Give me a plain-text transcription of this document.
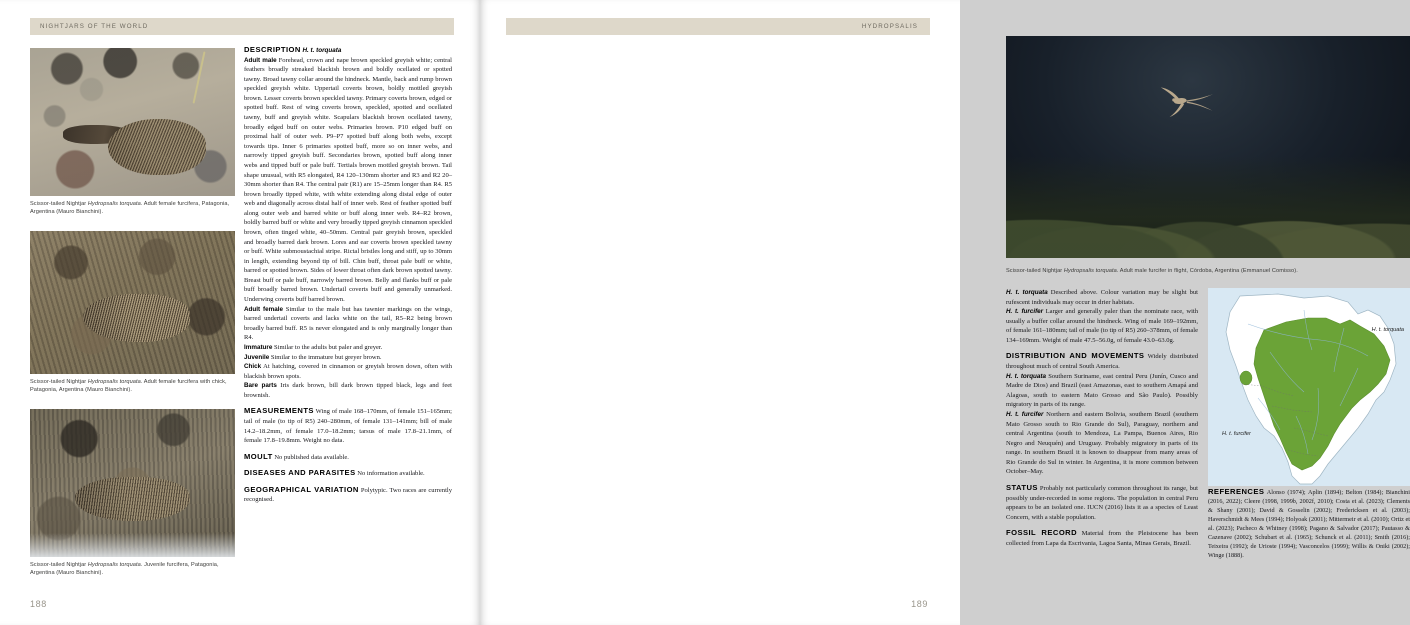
NIGHTJARS OF THE WORLD
Scissor-tailed Nightjar Hydropsalis torquata. Adult female furcifera, Patagonia, Argentina (Mauro Bianchini).
Scissor-tailed Nightjar Hydropsalis torquata. Adult female furcifera with chick, Patagonia, Argentina (Mauro Bianchini).
Scissor-tailed Nightjar Hydropsalis torquata. Juvenile furcifera, Patagonia, Argentina (Mauro Bianchini).

DESCRIPTION H. t. torquata

Adult male Forehead, crown and nape brown speckled greyish white; central feathers broadly streaked blackish brown and boldly ocellated or spotted tawny. Broad tawny collar around the hindneck. Mantle, back and rump brown speckled greyish white. Uppertail coverts brown, boldly mottled greyish brown. Lesser coverts brown speckled tawny. Primary coverts brown, edged or spotted buff. Rest of wing coverts brown, speckled, spotted and ocellated tawny, buff and greyish white. Scapulars blackish brown ocellated tawny, broadly edged buff on outer webs. Primaries brown. P10 edged buff on proximal half of outer web. P9–P7 spotted buff along both webs, except towards tips. Inner 6 primaries spotted buff, more so on inner webs, and narrowly tipped greyish buff. Secondaries brown, spotted buff along inner webs and tipped buff or pale buff. Tertials brown mottled greyish brown. Tail shape unusual, with R5 elongated, R4 120–130mm shorter and R3 and R2 20–30mm shorter than R4. The central pair (R1) are 15–25mm longer than R4. R5 brown broadly tipped white, with white extending along distal edge of outer web and diagonally across distal half of inner web. Rest of feather spotted buff along outer web and barred white or buff along inner web. R4–R2 brown, boldly barred buff or white and very broadly tipped greyish cinnamon speckled brown, often tinged white, 40–50mm. Central pair greyish brown, speckled and broadly barred dark brown. Lores and ear coverts brown speckled tawny or buff. White submoustachial stripe. Rictal bristles long and stiff, up to 30mm in length, extending beyond tip of bill. Chin buff, throat pale buff or white, barred or spotted brown. Sides of lower throat often dark brown spotted tawny. Breast buff or pale buff, narrowly barred brown. Belly and flanks buff or pale buff broadly barred brown. Undertail coverts buff and generally unmarked. Underwing coverts buff barred brown.

Adult female Similar to the male but has tawnier markings on the wings, barred undertail coverts and lacks white on the tail, R5–R2 being brown broadly barred buff. R5 is never elongated and is only marginally longer than R4.

Immature Similar to the adults but paler and greyer.

Juvenile Similar to the immature but greyer brown.

Chick At hatching, covered in cinnamon or greyish brown down, often with blackish brown spots.

Bare parts Iris dark brown, bill dark brown tipped black, legs and feet brownish.

MEASUREMENTS Wing of male 168–170mm, of female 151–165mm; tail of male (to tip of R5) 240–280mm, of female 131–141mm; bill of male 14.2–18.2mm, of female 17.0–18.2mm; tarsus of male 17.8–21.1mm, of female 17.8–19.8mm. Weight no data.

MOULT No published data available.

DISEASES AND PARASITES No information available.

GEOGRAPHICAL VARIATION Polytypic. Two races are currently recognised.

188
HYDROPSALIS
Scissor-tailed Nightjar Hydropsalis torquata. Adult male furcifer in flight, Córdoba, Argentina (Emmanuel Comisso).

H. t. torquata Described above. Colour variation may be slight but rufescent individuals may occur in drier habitats.

H. t. furcifer Larger and generally paler than the nominate race, with usually a buffer collar around the hindneck. Wing of male 169–192mm, of female 161–180mm; tail of male (to tip of R5) 260–378mm, of female 134–169mm. Weight of male 47.5–56.0g, of female 43.0–63.0g.

DISTRIBUTION AND MOVEMENTS Widely distributed throughout much of central South America.

H. t. torquata Southern Suriname, east central Peru (Junín, Cusco and Madre de Dios) and Brazil (east Amazonas, east to southern Amapá and Alagoas, south to eastern Mato Grosso and São Paulo). Possibly migratory in parts of its range.

H. t. furcifer Northern and eastern Bolivia, southern Brazil (southern Mato Grosso south to Rio Grande do Sul), Paraguay, northern and central Argentina (south to Mendoza, La Pampa, Buenos Aires, Rio Negro and Neuquén) and Uruguay. Probably migratory in parts of its range. In southern Brazil it is known to disappear from many areas of Rio Grande do Sul in winter. In Argentina, it is more common between October–May.

STATUS Probably not particularly common throughout its range, but possibly under-recorded in some regions. The population in central Peru appears to be an isolated one. IUCN (2016) lists it as a species of Least Concern, with a stable population.

FOSSIL RECORD Material from the Pleistocene has been collected from Lapa da Escrivania, Lagoa Santa, Minas Gerais, Brazil.

H. t. torquata
H. t. furcifer

REFERENCES Alonso (1974); Aplin (1894); Belton (1984); Bianchini (2016, 2022); Cleere (1998, 1999b, 2002f, 2010); Costa et al. (2023); Clements & Shany (2001); David & Gosselin (2002); Fredericksen et al. (2003); Haverschmidt & Mees (1994); Holyoak (2001); Mittermeir et al. (2010); Ortiz et al. (2023); Pacheco & Whitney (1998); Pagano & Salvador (2017); Pautasso & Cazenave (2002); Schubart et al. (1965); Schunck et al. (2011); Smith (2016); Teixeira (1992); de Urioste (1994); Vasconcelos (1999); Willis & Oniki (2002); Winge (1888).

189
